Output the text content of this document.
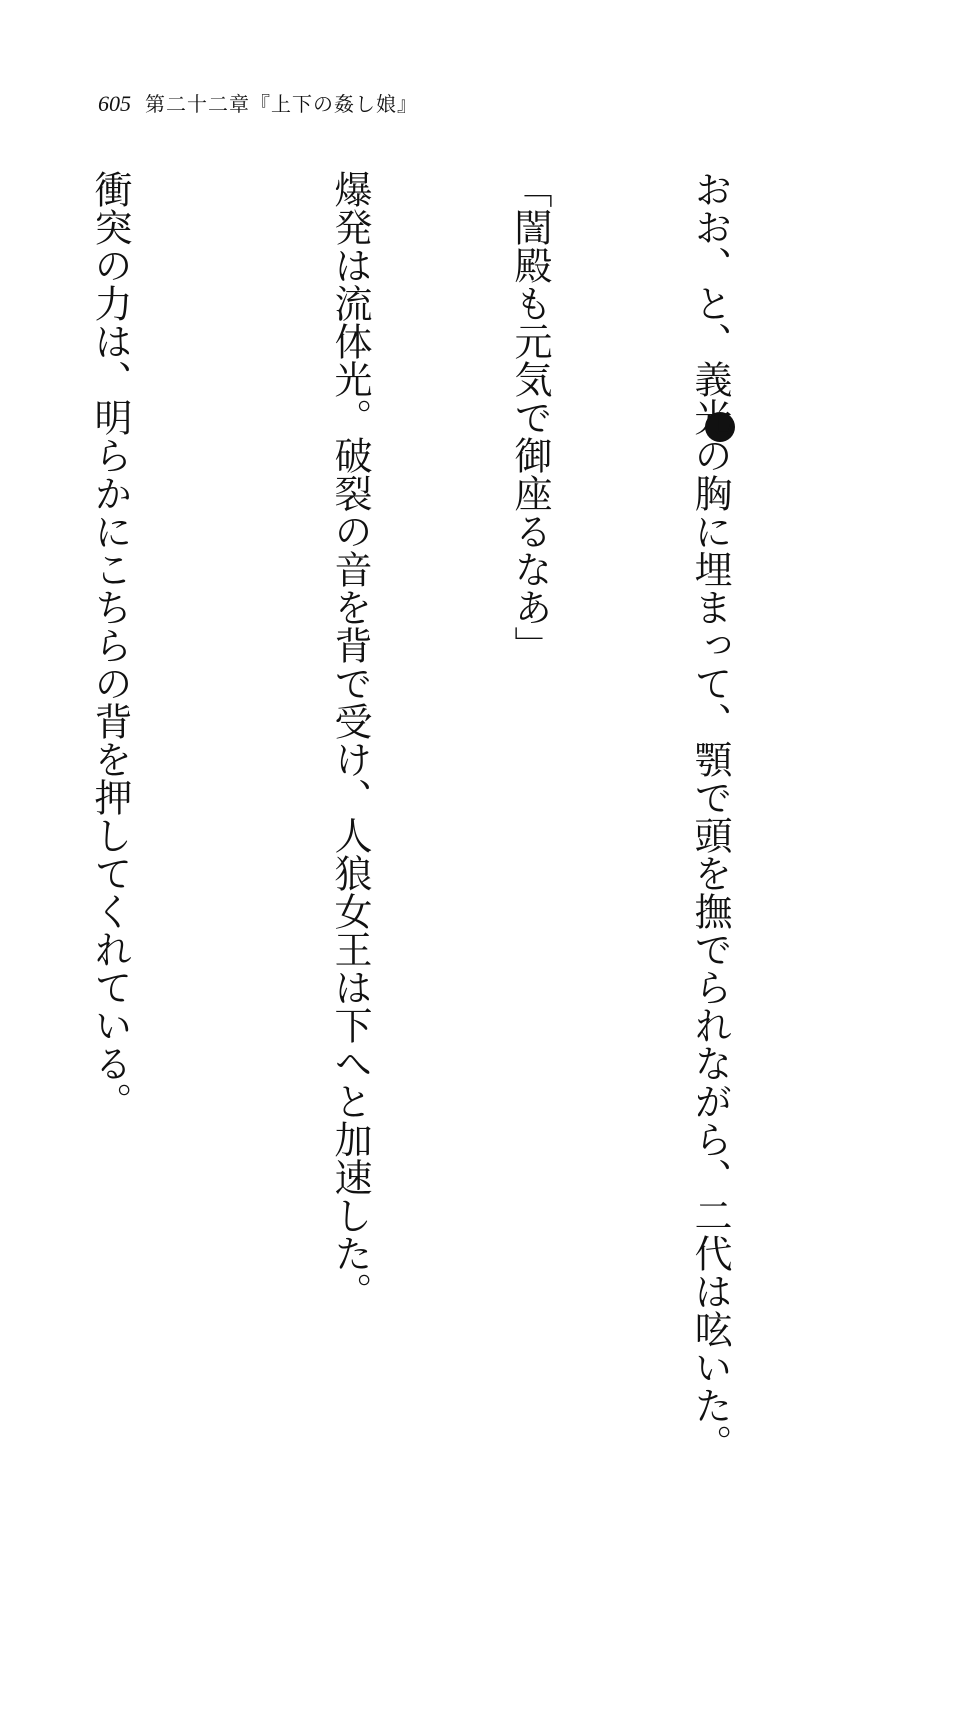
605 第二十二章『上下の姦し娘』

おお、と、義光の胸に埋まって、顎で頭を撫でられながら、二代は呟いた。

「誾殿も元気で御座るなあ」

爆発は流体光。破裂の音を背で受け、人狼女王は下へと加速した。

衝突の力は、明らかにこちらの背を押してくれている。
